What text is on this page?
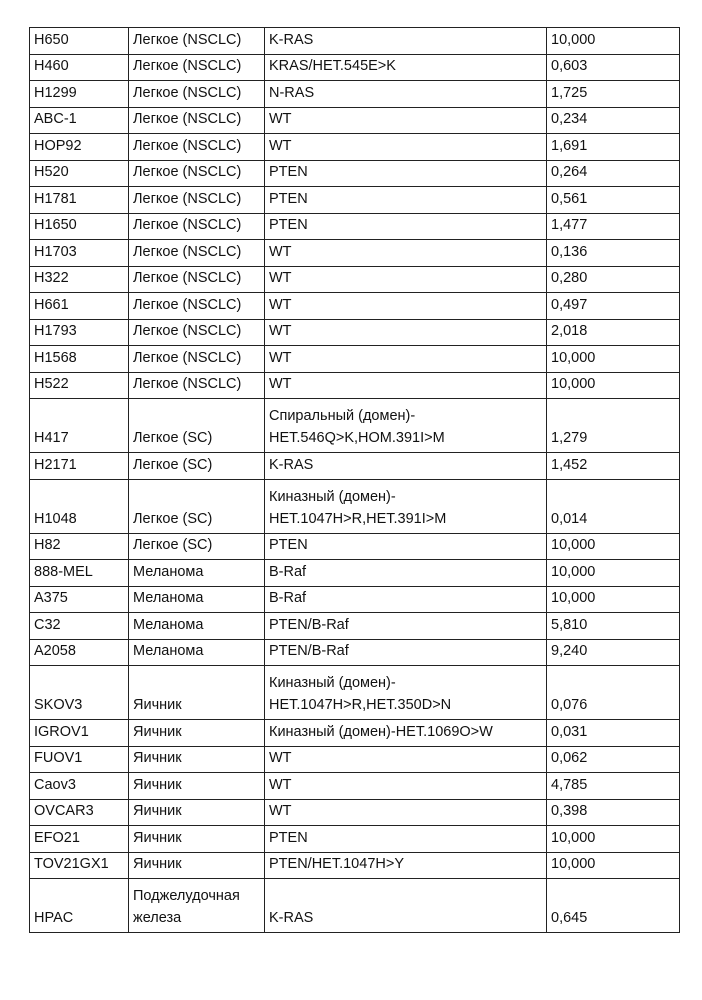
H650	Легкое (NSCLC)	K-RAS	10,000
H460	Легкое (NSCLC)	KRAS/HET.545E>K	0,603
H1299	Легкое (NSCLC)	N-RAS	1,725
ABC-1	Легкое (NSCLC)	WT	0,234
HOP92	Легкое (NSCLC)	WT	1,691
H520	Легкое (NSCLC)	PTEN	0,264
H1781	Легкое (NSCLC)	PTEN	0,561
H1650	Легкое (NSCLC)	PTEN	1,477
H1703	Легкое (NSCLC)	WT	0,136
H322	Легкое (NSCLC)	WT	0,280
H661	Легкое (NSCLC)	WT	0,497
H1793	Легкое (NSCLC)	WT	2,018
H1568	Легкое (NSCLC)	WT	10,000
H522	Легкое (NSCLC)	WT	10,000
H417	Легкое (SC)	
Спиральный (домен)-
HET.546Q>K,HOM.391I>M	1,279
H2171	Легкое (SC)	K-RAS	1,452
H1048	Легкое (SC)	
Киназный (домен)-
HET.1047H>R,HET.391I>M	0,014
H82	Легкое (SC)	PTEN	10,000
888-MEL	Меланома	B-Raf	10,000
A375	Меланома	B-Raf	10,000
C32	Меланома	PTEN/B-Raf	5,810
A2058	Меланома	PTEN/B-Raf	9,240
SKOV3	Яичник	
Киназный (домен)-
HET.1047H>R,HET.350D>N	0,076
IGROV1	Яичник	Киназный (домен)-HET.1069O>W	0,031
FUOV1	Яичник	WT	0,062
Caov3	Яичник	WT	4,785
OVCAR3	Яичник	WT	0,398
EFO21	Яичник	PTEN	10,000
TOV21GX1	Яичник	PTEN/HET.1047H>Y	10,000
HPAC	
Поджелудочная
железа	K-RAS	0,645
